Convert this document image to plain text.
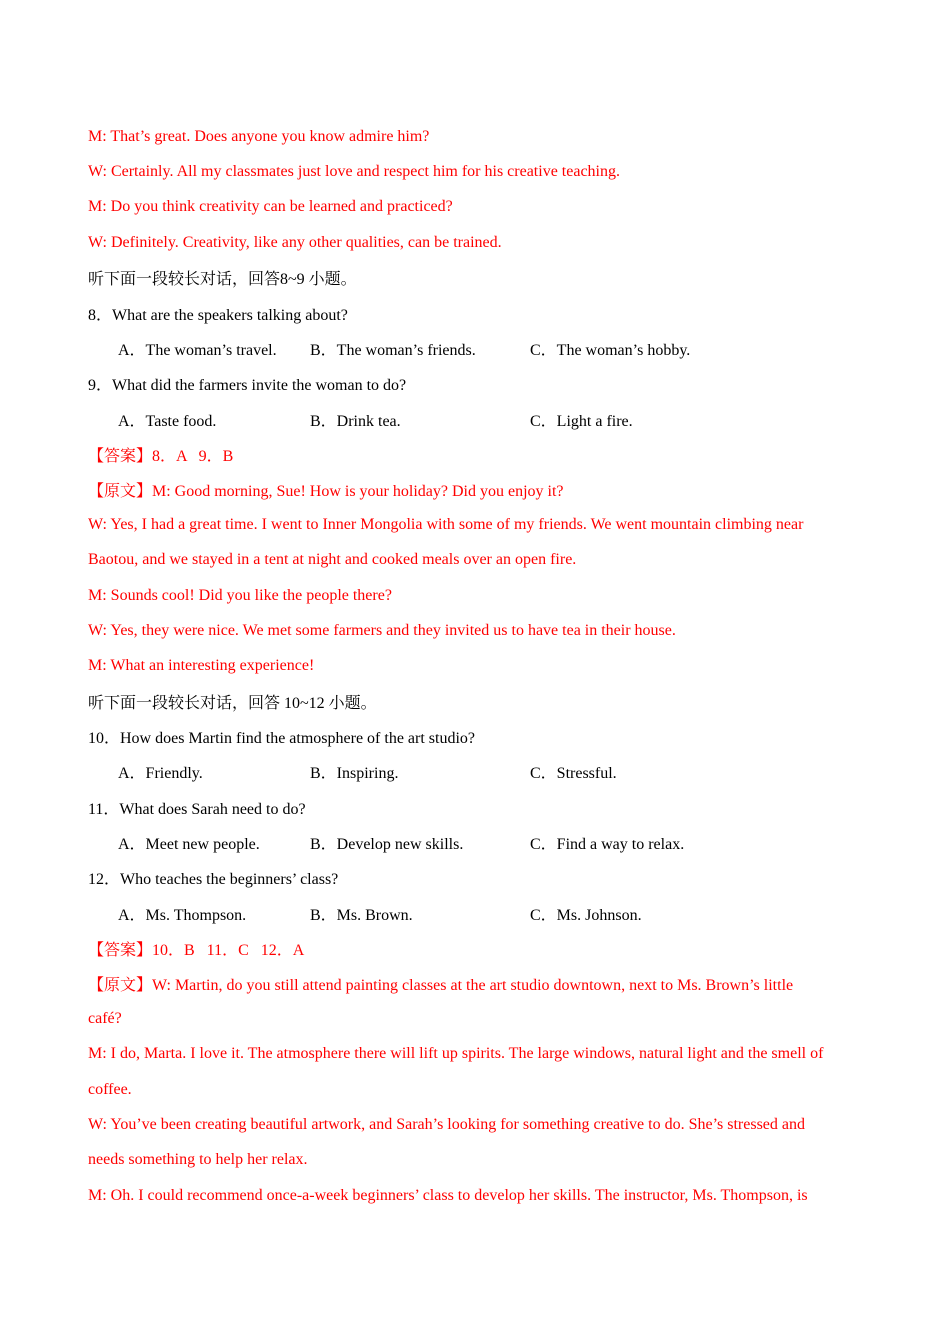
M: That’s great. Does anyone you know admire him?
W: Certainly. All my classmates just love and respect him for his creative teaching.
M: Do you think creativity can be learned and practiced?
W: Definitely. Creativity, like any other qualities, can be trained.
听下面一段较长对话，回答8~9 小题。
8．What are the speakers talking about?
A．The woman’s travel.	B．The woman’s friends.	C．The woman’s hobby.
9．What did the farmers invite the woman to do?
A．Taste food.	B．Drink tea.	C．Light a fire.
【答案】8．A   9．B
【原文】M: Good morning, Sue! How is your holiday? Did you enjoy it?
W: Yes, I had a great time. I went to Inner Mongolia with some of my friends. We went mountain climbing near
Baotou, and we stayed in a tent at night and cooked meals over an open fire.
M: Sounds cool! Did you like the people there?
W: Yes, they were nice. We met some farmers and they invited us to have tea in their house.
M: What an interesting experience!
听下面一段较长对话，回答 10~12 小题。
10．How does Martin find the atmosphere of the art studio?
A．Friendly.	B．Inspiring.	C．Stressful.
11．What does Sarah need to do?
A．Meet new people.	B．Develop new skills.	C．Find a way to relax.
12．Who teaches the beginners’ class?
A．Ms. Thompson.	B．Ms. Brown.	C．Ms. Johnson.
【答案】10．B   11．C   12．A
【原文】W: Martin, do you still attend painting classes at the art studio downtown, next to Ms. Brown’s little
café?
M: I do, Marta. I love it. The atmosphere there will lift up spirits. The large windows, natural light and the smell of
coffee.
W: You’ve been creating beautiful artwork, and Sarah’s looking for something creative to do. She’s stressed and
needs something to help her relax.
M: Oh. I could recommend once-a-week beginners’ class to develop her skills. The instructor, Ms. Thompson, is
